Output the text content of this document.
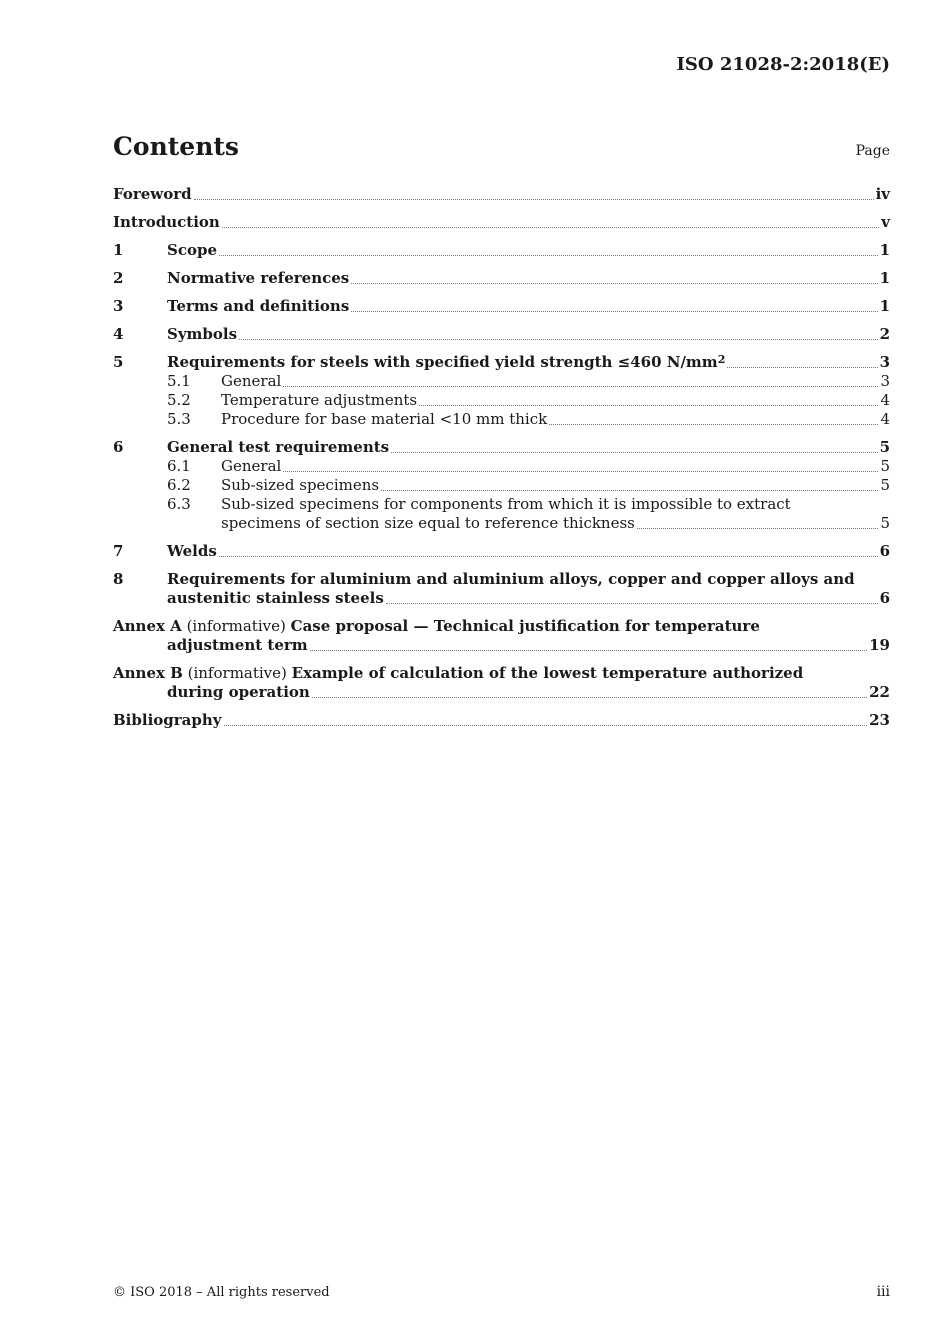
ISO 21028-2:2018(E)
Contents	Page
Foreword	iv
Introduction	v
1	Scope	1
2	Normative references	1
3	Terms and definitions	1
4	Symbols	2
5	Requirements for steels with specified yield strength ≤460 $N/mm^2$	3
5.1	General	3
5.2	Temperature adjustments	4
5.3	Procedure for base material <10 mm thick	4
6	General test requirements	5
6.1	General	5
6.2	Sub-sized specimens	5
6.3	Sub-sized specimens for components from which it is impossible to extract
specimens of section size equal to reference thickness	5
7	Welds	6
8	Requirements for aluminium and aluminium alloys, copper and copper alloys and
austenitic stainless steels	6
Annex A (informative) Case proposal — Technical justification for temperature
adjustment term	19
Annex B (informative) Example of calculation of the lowest temperature authorized
during operation	22
Bibliography	23
© ISO 2018 – All rights reserved	iii
